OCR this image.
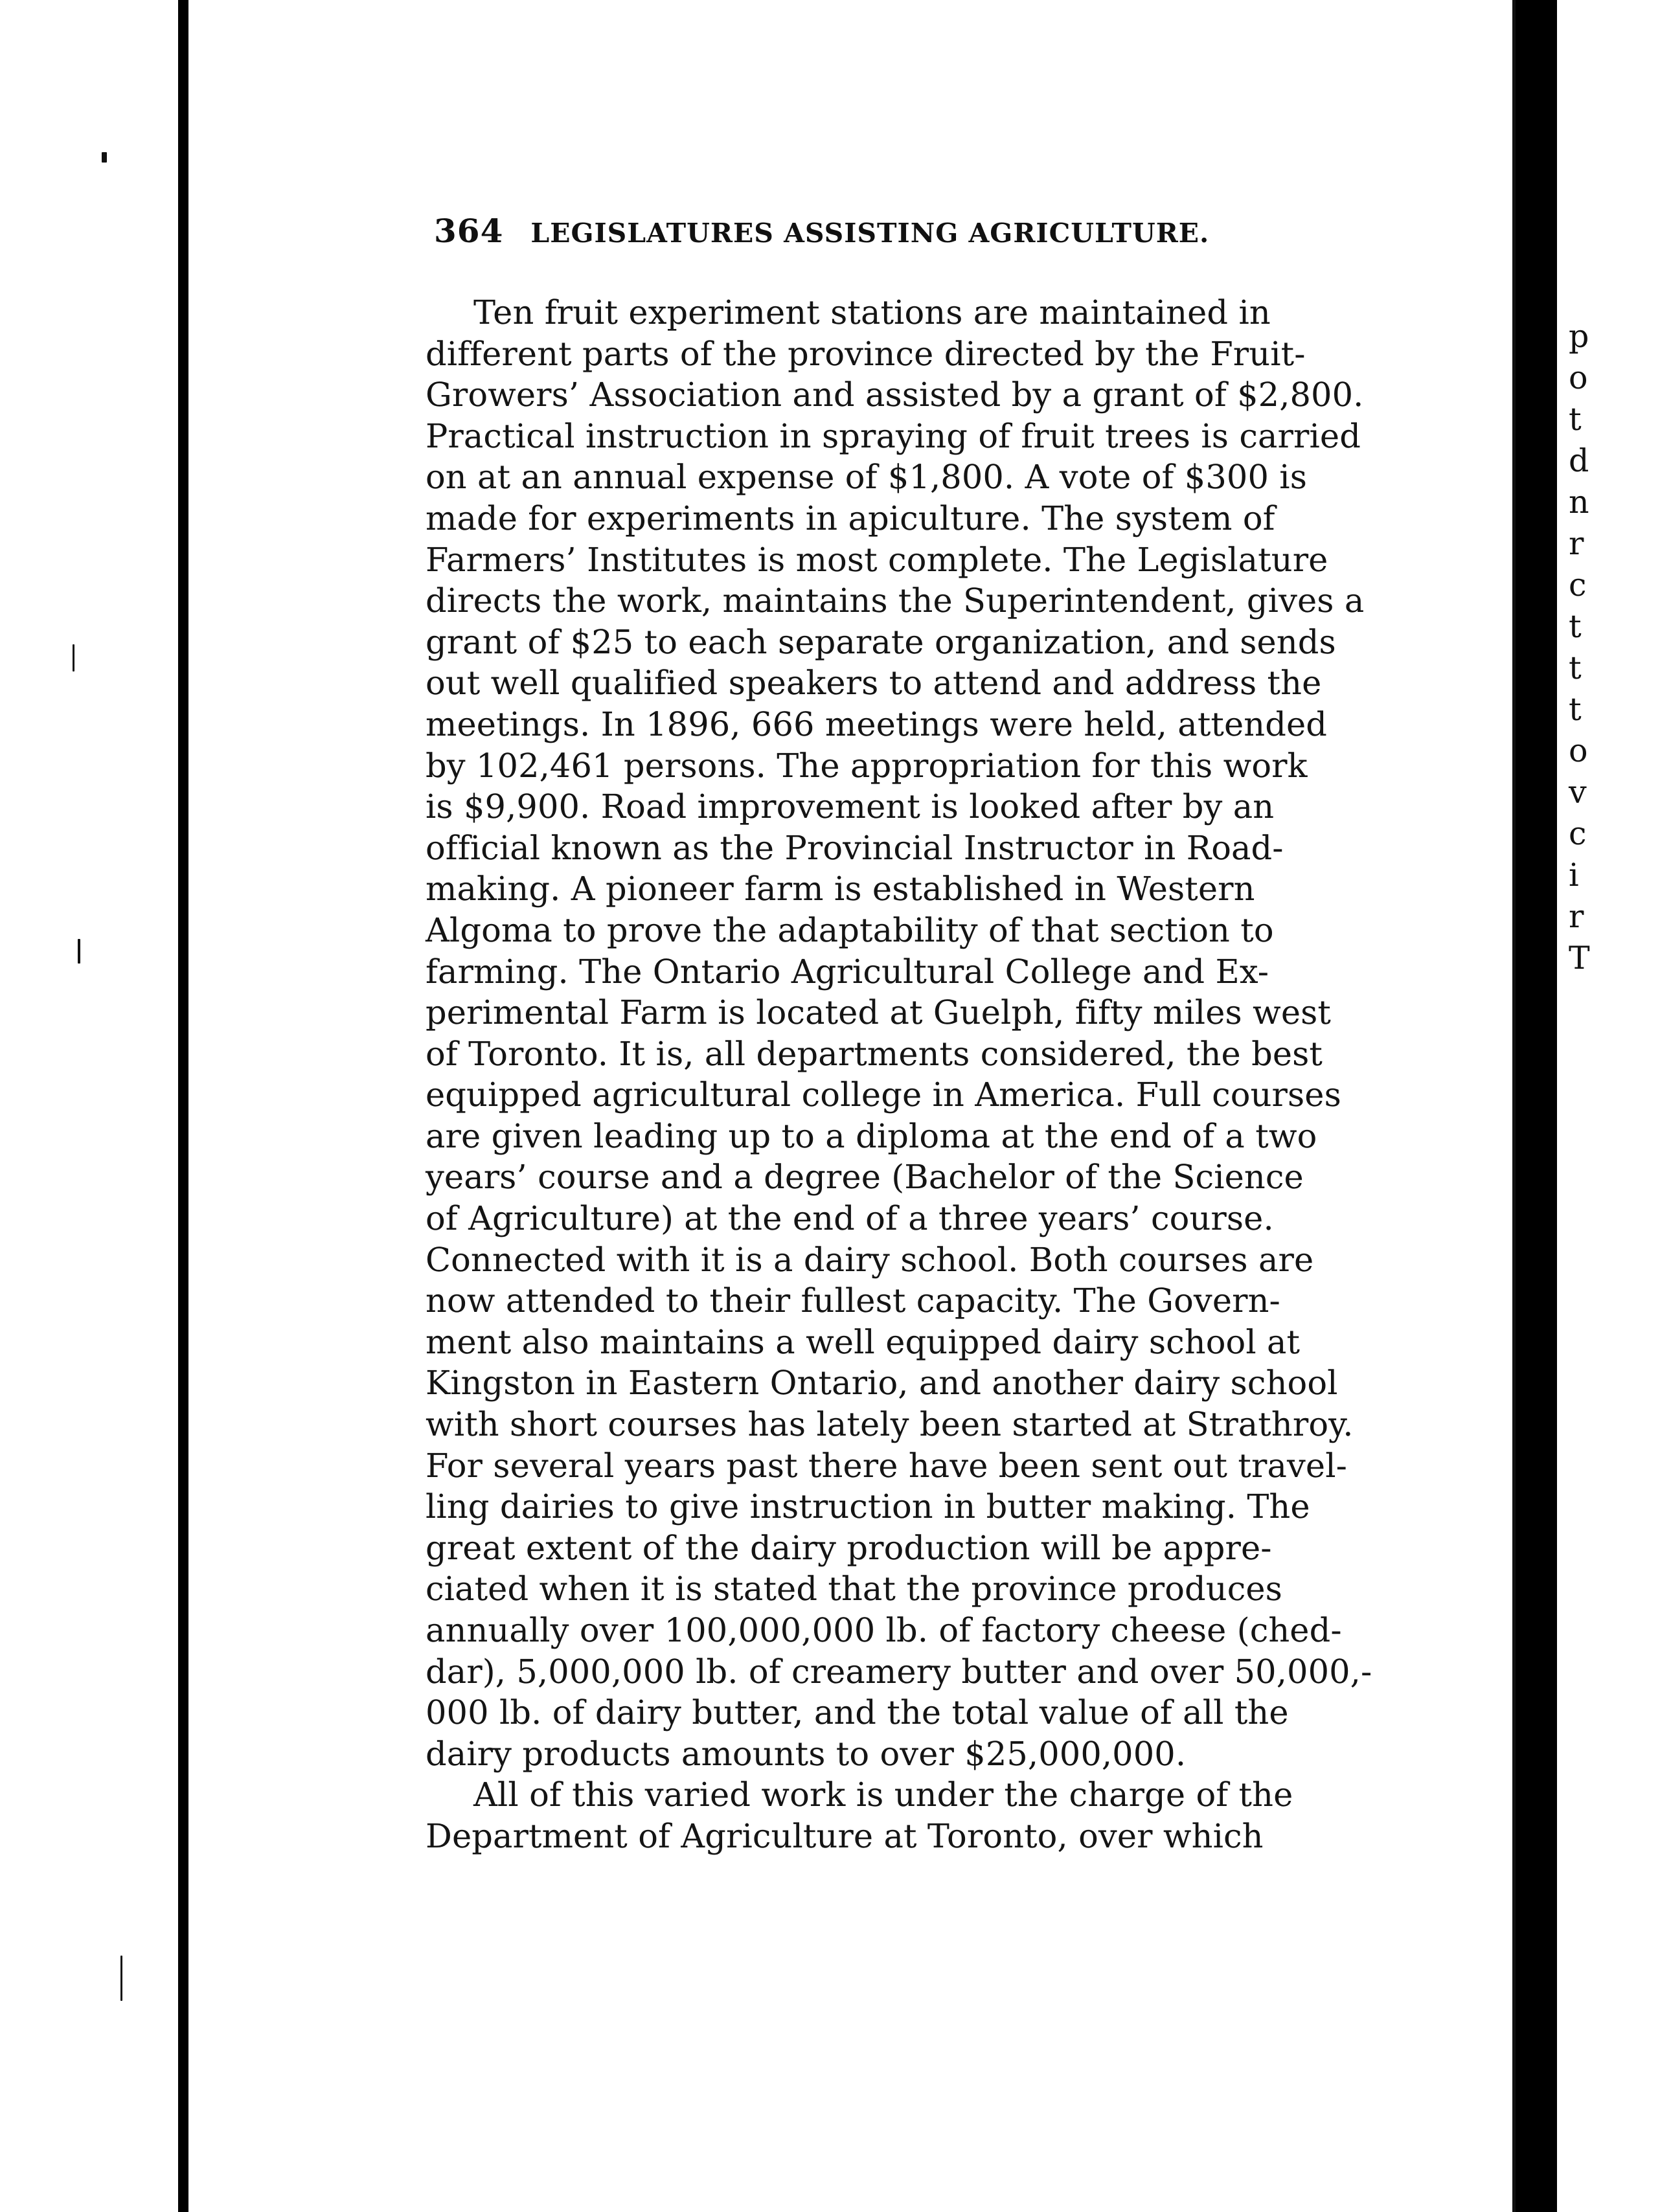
364 LEGISLATURES ASSISTING AGRICULTURE.
Ten fruit experiment stations are maintained in
different parts of the province directed by the Fruit-
Growers’ Association and assisted by a grant of $2,800.
Practical instruction in spraying of fruit trees is carried
on at an annual expense of $1,800. A vote of $300 is
made for experiments in apiculture. The system of
Farmers’ Institutes is most complete. The Legislature
directs the work, maintains the Superintendent, gives a
grant of $25 to each separate organization, and sends
out well qualified speakers to attend and address the
meetings. In 1896, 666 meetings were held, attended
by 102,461 persons. The appropriation for this work
is $9,900. Road improvement is looked after by an
official known as the Provincial Instructor in Road-
making. A pioneer farm is established in Western
Algoma to prove the adaptability of that section to
farming. The Ontario Agricultural College and Ex-
perimental Farm is located at Guelph, fifty miles west
of Toronto. It is, all departments considered, the best
equipped agricultural college in America. Full courses
are given leading up to a diploma at the end of a two
years’ course and a degree (Bachelor of the Science
of Agriculture) at the end of a three years’ course.
Connected with it is a dairy school. Both courses are
now attended to their fullest capacity. The Govern-
ment also maintains a well equipped dairy school at
Kingston in Eastern Ontario, and another dairy school
with short courses has lately been started at Strathroy.
For several years past there have been sent out travel-
ling dairies to give instruction in butter making. The
great extent of the dairy production will be appre-
ciated when it is stated that the province produces
annually over 100,000,000 lb. of factory cheese (ched-
dar), 5,000,000 lb. of creamery butter and over 50,000,-
000 lb. of dairy butter, and the total value of all the
dairy products amounts to over $25,000,000.
All of this varied work is under the charge of the
Department of Agriculture at Toronto, over which
p
o
t
d
n
r
c
t
t
t
o
v
c
i
r
T
